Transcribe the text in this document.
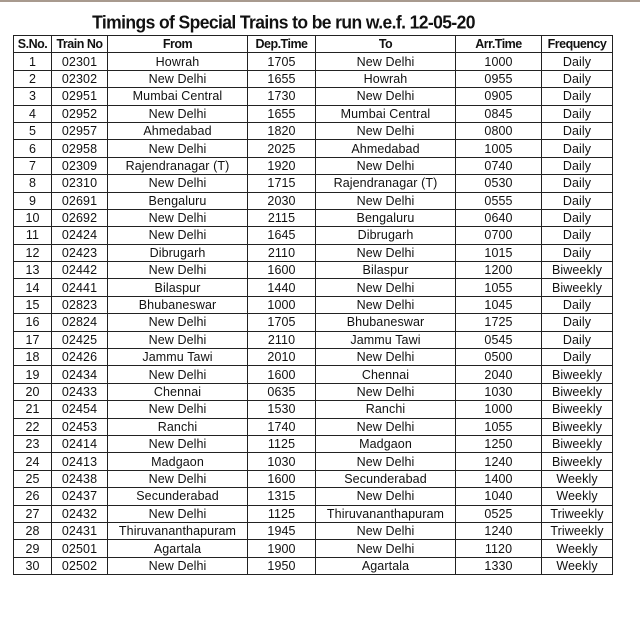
Timings of Special Trains to be run w.e.f. 12-05-20
S.No.	Train No	From	Dep.Time	To	Arr.Time	Frequency
1	02301	Howrah	1705	New Delhi	1000	Daily
2	02302	New Delhi	1655	Howrah	0955	Daily
3	02951	Mumbai Central	1730	New Delhi	0905	Daily
4	02952	New Delhi	1655	Mumbai Central	0845	Daily
5	02957	Ahmedabad	1820	New Delhi	0800	Daily
6	02958	New Delhi	2025	Ahmedabad	1005	Daily
7	02309	Rajendranagar (T)	1920	New Delhi	0740	Daily
8	02310	New Delhi	1715	Rajendranagar (T)	0530	Daily
9	02691	Bengaluru	2030	New Delhi	0555	Daily
10	02692	New Delhi	2115	Bengaluru	0640	Daily
11	02424	New Delhi	1645	Dibrugarh	0700	Daily
12	02423	Dibrugarh	2110	New Delhi	1015	Daily
13	02442	New Delhi	1600	Bilaspur	1200	Biweekly
14	02441	Bilaspur	1440	New Delhi	1055	Biweekly
15	02823	Bhubaneswar	1000	New Delhi	1045	Daily
16	02824	New Delhi	1705	Bhubaneswar	1725	Daily
17	02425	New Delhi	2110	Jammu Tawi	0545	Daily
18	02426	Jammu Tawi	2010	New Delhi	0500	Daily
19	02434	New Delhi	1600	Chennai	2040	Biweekly
20	02433	Chennai	0635	New Delhi	1030	Biweekly
21	02454	New Delhi	1530	Ranchi	1000	Biweekly
22	02453	Ranchi	1740	New Delhi	1055	Biweekly
23	02414	New Delhi	1125	Madgaon	1250	Biweekly
24	02413	Madgaon	1030	New Delhi	1240	Biweekly
25	02438	New Delhi	1600	Secunderabad	1400	Weekly
26	02437	Secunderabad	1315	New Delhi	1040	Weekly
27	02432	New Delhi	1125	Thiruvananthapuram	0525	Triweekly
28	02431	Thiruvananthapuram	1945	New Delhi	1240	Triweekly
29	02501	Agartala	1900	New Delhi	1120	Weekly
30	02502	New Delhi	1950	Agartala	1330	Weekly
